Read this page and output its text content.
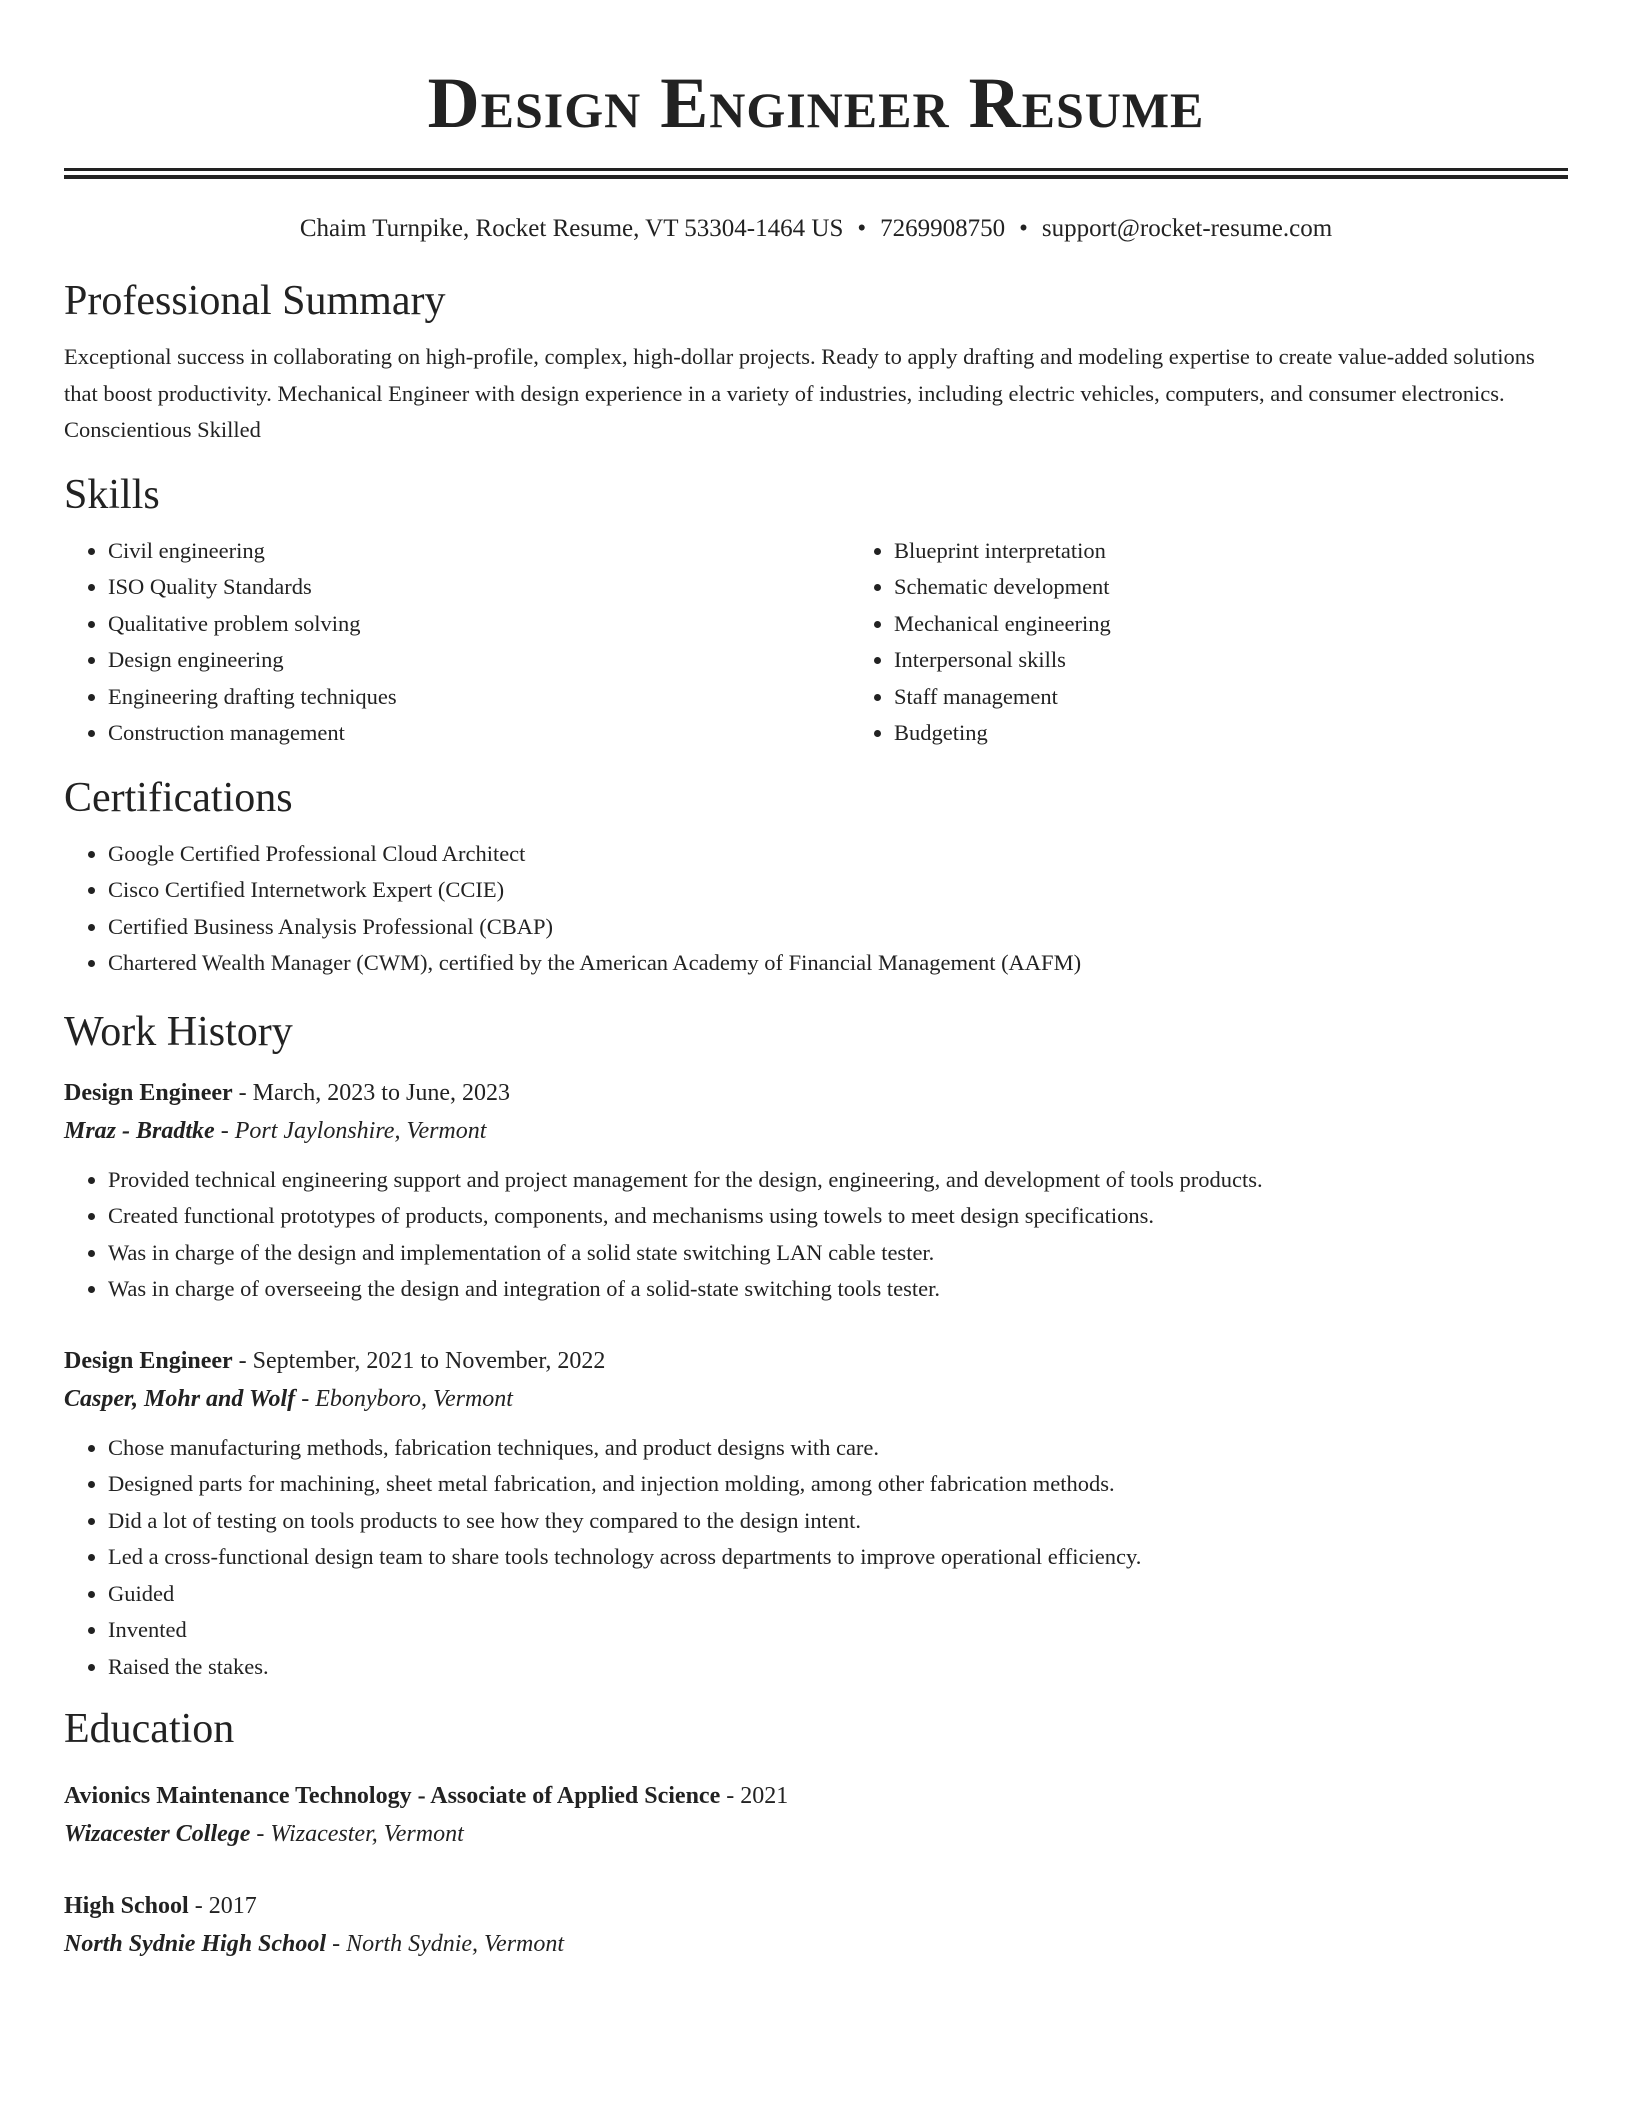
Design Engineer Resume
Chaim Turnpike, Rocket Resume, VT 53304-1464 US • 7269908750 • support@rocket-resume.com
Professional Summary

Exceptional success in collaborating on high-profile, complex, high-dollar projects. Ready to apply drafting and modeling expertise to create value-added solutions that boost productivity. Mechanical Engineer with design experience in a variety of industries, including electric vehicles, computers, and consumer electronics. Conscientious Skilled

Skills
• Civil engineering
• ISO Quality Standards
• Qualitative problem solving
• Design engineering
• Engineering drafting techniques
• Construction management
• Blueprint interpretation
• Schematic development
• Mechanical engineering
• Interpersonal skills
• Staff management
• Budgeting
Certifications
• Google Certified Professional Cloud Architect
• Cisco Certified Internetwork Expert (CCIE)
• Certified Business Analysis Professional (CBAP)
• Chartered Wealth Manager (CWM), certified by the American Academy of Financial Management (AAFM)
Work History
Design Engineer - March, 2023 to June, 2023
Mraz - Bradtke - Port Jaylonshire, Vermont
• Provided technical engineering support and project management for the design, engineering, and development of tools products.
• Created functional prototypes of products, components, and mechanisms using towels to meet design specifications.
• Was in charge of the design and implementation of a solid state switching LAN cable tester.
• Was in charge of overseeing the design and integration of a solid-state switching tools tester.
Design Engineer - September, 2021 to November, 2022
Casper, Mohr and Wolf - Ebonyboro, Vermont
• Chose manufacturing methods, fabrication techniques, and product designs with care.
• Designed parts for machining, sheet metal fabrication, and injection molding, among other fabrication methods.
• Did a lot of testing on tools products to see how they compared to the design intent.
• Led a cross-functional design team to share tools technology across departments to improve operational efficiency.
• Guided
• Invented
• Raised the stakes.
Education
Avionics Maintenance Technology - Associate of Applied Science - 2021
Wizacester College - Wizacester, Vermont
High School - 2017
North Sydnie High School - North Sydnie, Vermont
